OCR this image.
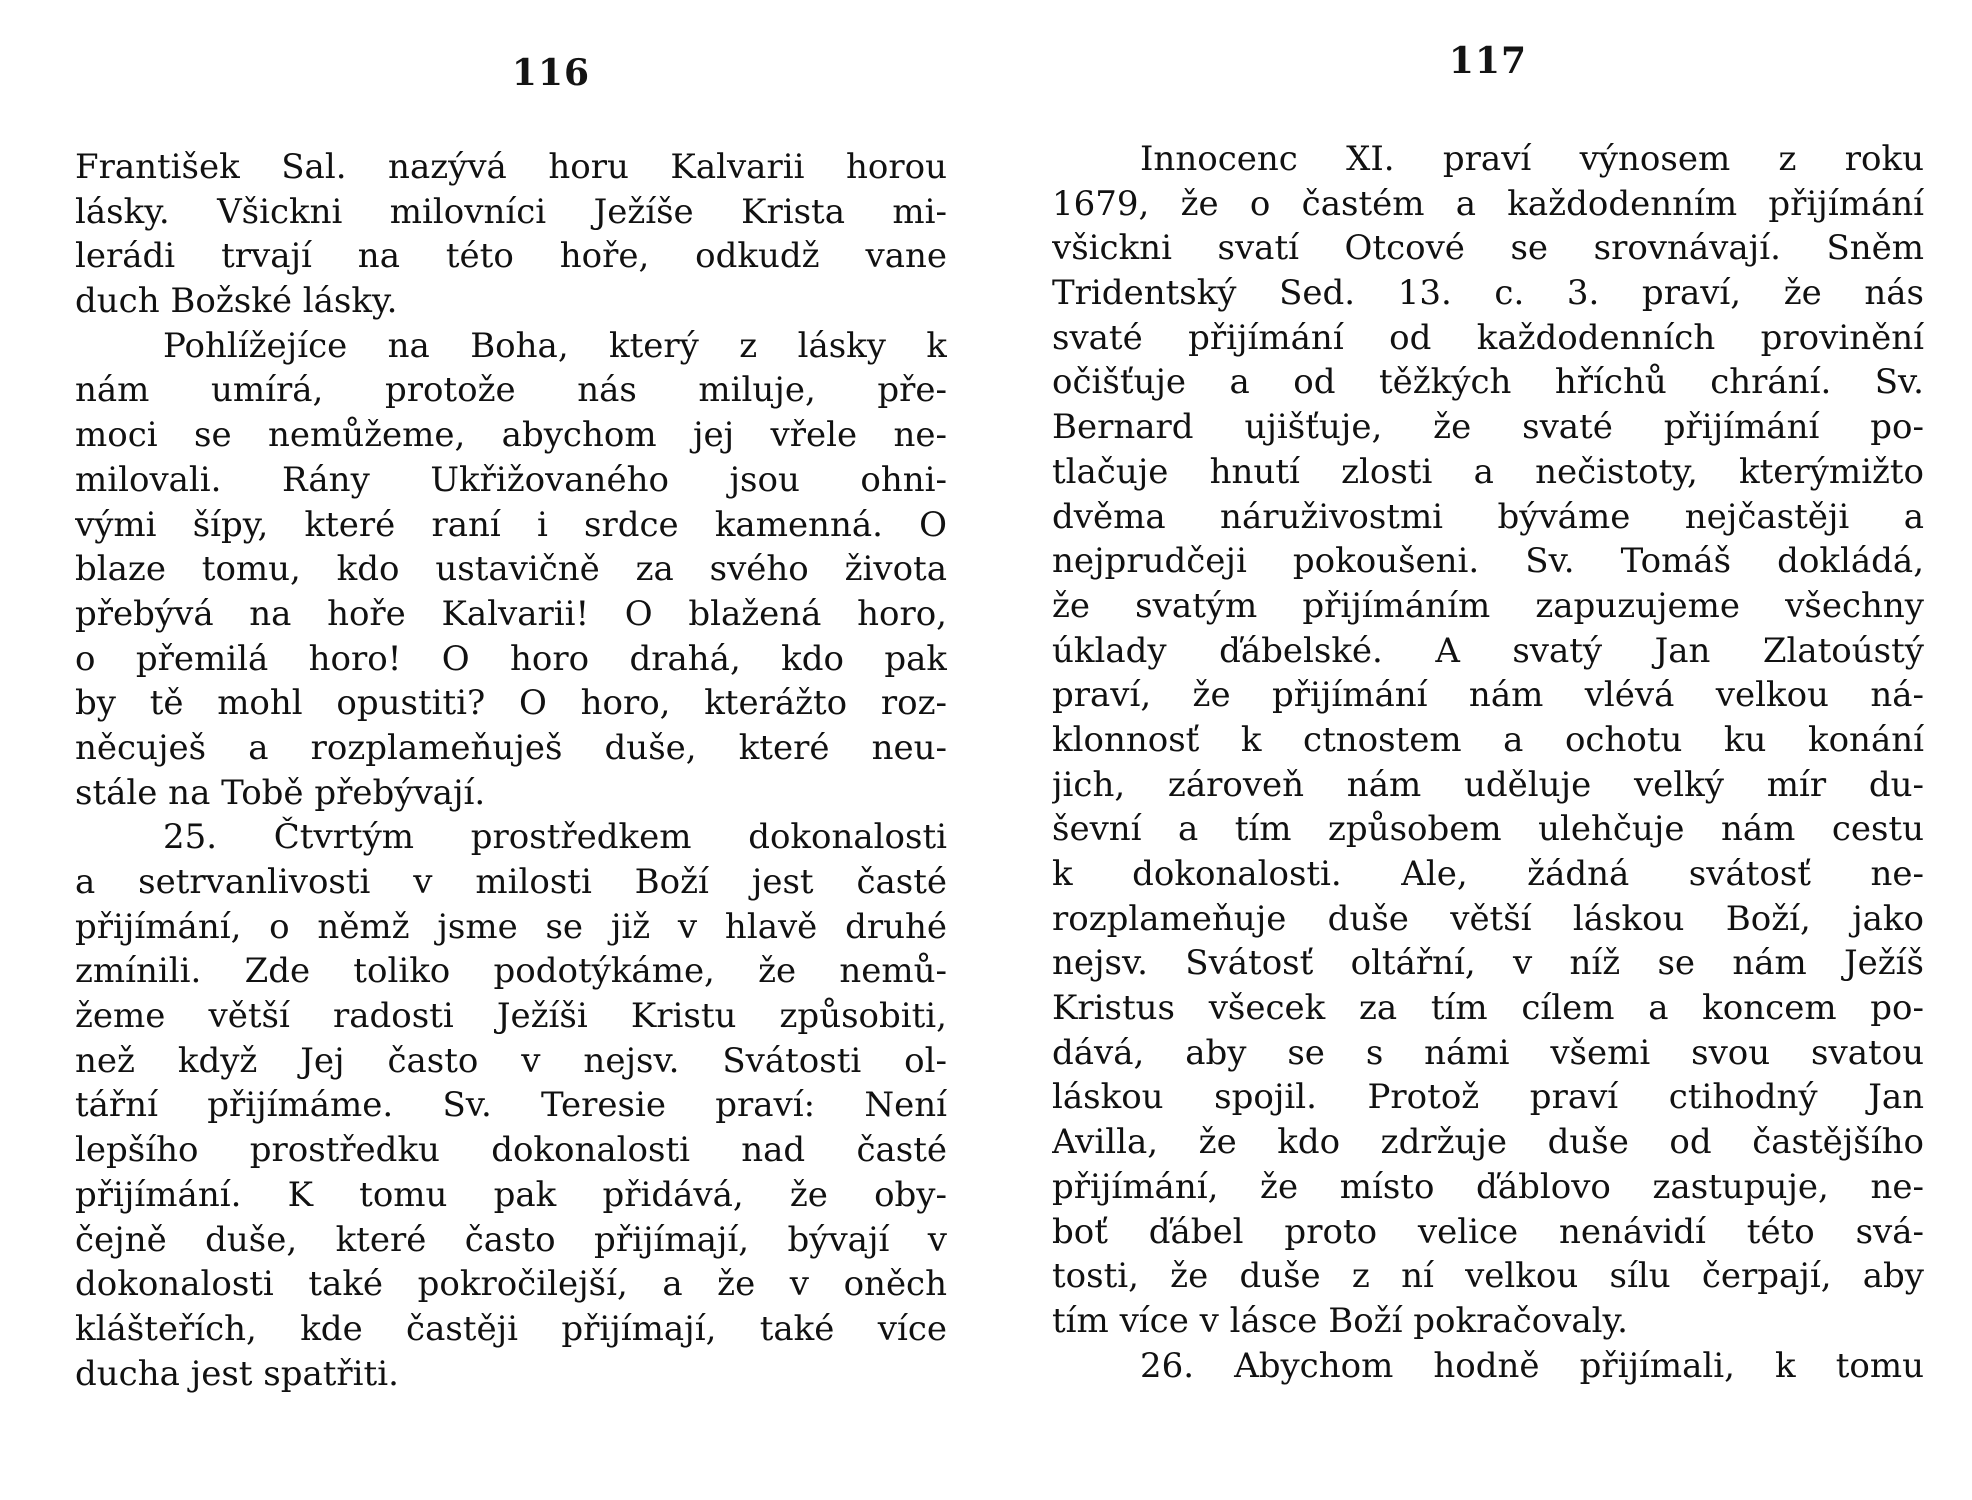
116
František Sal. nazývá horu Kalvarii horou
lásky. Všickni milovníci Ježíše Krista mi-
lerádi trvají na této hoře, odkudž vane
duch Božské lásky.
Pohlížejíce na Boha, který z lásky k
nám umírá, protože nás miluje, pře-
moci se nemůžeme, abychom jej vřele ne-
milovali. Rány Ukřižovaného jsou ohni-
vými šípy, které raní i srdce kamenná. O
blaze tomu, kdo ustavičně za svého života
přebývá na hoře Kalvarii! O blažená horo,
o přemilá horo! O horo drahá, kdo pak
by tě mohl opustiti? O horo, kterážto roz-
něcuješ a rozplameňuješ duše, které neu-
stále na Tobě přebývají.
25. Čtvrtým prostředkem dokonalosti
a setrvanlivosti v milosti Boží jest časté
přijímání, o němž jsme se již v hlavě druhé
zmínili. Zde toliko podotýkáme, že nemů-
žeme větší radosti Ježíši Kristu způsobiti,
než když Jej často v nejsv. Svátosti ol-
tářní přijímáme. Sv. Teresie praví: Není
lepšího prostředku dokonalosti nad časté
přijímání. K tomu pak přidává, že oby-
čejně duše, které často přijímají, bývají v
dokonalosti také pokročilejší, a že v oněch
klášteřích, kde častěji přijímají, také více
ducha jest spatřiti.
117
Innocenc XI. praví výnosem z roku
1679, že o častém a každodenním přijímání
všickni svatí Otcové se srovnávají. Sněm
Tridentský Sed. 13. c. 3. praví, že nás
svaté přijímání od každodenních provinění
očišťuje a od těžkých hříchů chrání. Sv.
Bernard ujišťuje, že svaté přijímání po-
tlačuje hnutí zlosti a nečistoty, kterýmižto
dvěma náruživostmi býváme nejčastěji a
nejprudčeji pokoušeni. Sv. Tomáš dokládá,
že svatým přijímáním zapuzujeme všechny
úklady ďábelské. A svatý Jan Zlatoústý
praví, že přijímání nám vlévá velkou ná-
klonnosť k ctnostem a ochotu ku konání
jich, zároveň nám uděluje velký mír du-
ševní a tím způsobem ulehčuje nám cestu
k dokonalosti. Ale, žádná svátosť ne-
rozplameňuje duše větší láskou Boží, jako
nejsv. Svátosť oltářní, v níž se nám Ježíš
Kristus všecek za tím cílem a koncem po-
dává, aby se s námi všemi svou svatou
láskou spojil. Protož praví ctihodný Jan
Avilla, že kdo zdržuje duše od častějšího
přijímání, že místo ďáblovo zastupuje, ne-
boť ďábel proto velice nenávidí této svá-
tosti, že duše z ní velkou sílu čerpají, aby
tím více v lásce Boží pokračovaly.
26. Abychom hodně přijímali, k tomu
